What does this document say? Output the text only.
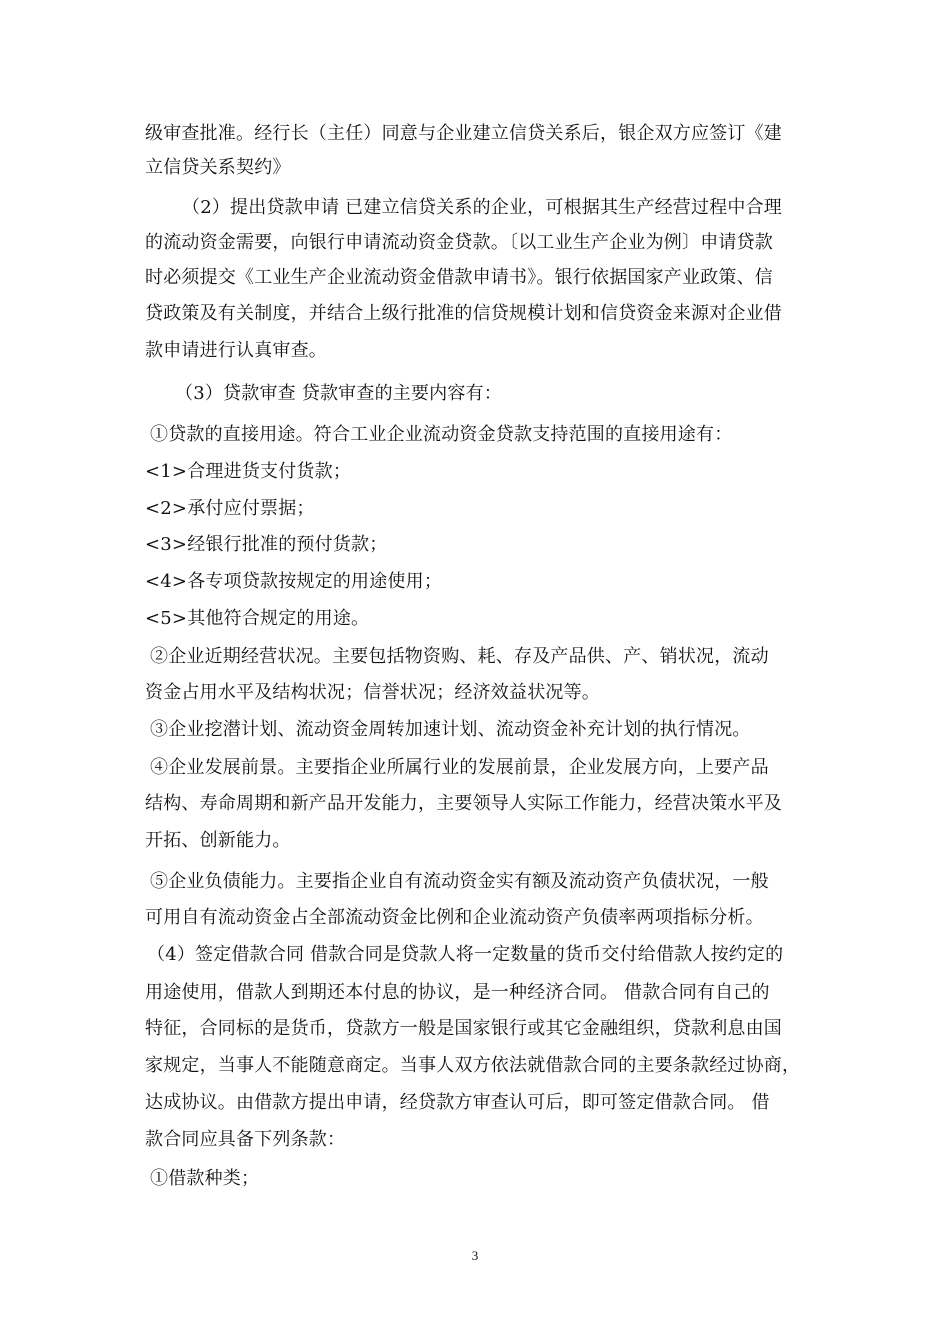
级审查批准。经行长（主任）同意与企业建立信贷关系后，银企双方应签订《建
立信贷关系契约》
（2）提出贷款申请 已建立信贷关系的企业，可根据其生产经营过程中合理
的流动资金需要，向银行申请流动资金贷款。〔以工业生产企业为例〕申请贷款
时必须提交《工业生产企业流动资金借款申请书》。银行依据国家产业政策、信
贷政策及有关制度，并结合上级行批准的信贷规模计划和信贷资金来源对企业借
款申请进行认真审查。
（3）贷款审查 贷款审查的主要内容有：
①贷款的直接用途。符合工业企业流动资金贷款支持范围的直接用途有：
<1>合理进货支付货款；
<2>承付应付票据；
<3>经银行批准的预付货款；
<4>各专项贷款按规定的用途使用；
<5>其他符合规定的用途。
②企业近期经营状况。主要包括物资购、耗、存及产品供、产、销状况，流动
资金占用水平及结构状况；信誉状况；经济效益状况等。
③企业挖潜计划、流动资金周转加速计划、流动资金补充计划的执行情况。
④企业发展前景。主要指企业所属行业的发展前景，企业发展方向，上要产品
结构、寿命周期和新产品开发能力，主要领导人实际工作能力，经营决策水平及
开拓、创新能力。
⑤企业负债能力。主要指企业自有流动资金实有额及流动资产负债状况，一般
可用自有流动资金占全部流动资金比例和企业流动资产负债率两项指标分析。
（4）签定借款合同 借款合同是贷款人将一定数量的货币交付给借款人按约定的
用途使用，借款人到期还本付息的协议，是一种经济合同。 借款合同有自己的
特征，合同标的是货币，贷款方一般是国家银行或其它金融组织，贷款利息由国
家规定，当事人不能随意商定。当事人双方依法就借款合同的主要条款经过协商，
达成协议。由借款方提出申请，经贷款方审查认可后，即可签定借款合同。 借
款合同应具备下列条款：
①借款种类；
3
